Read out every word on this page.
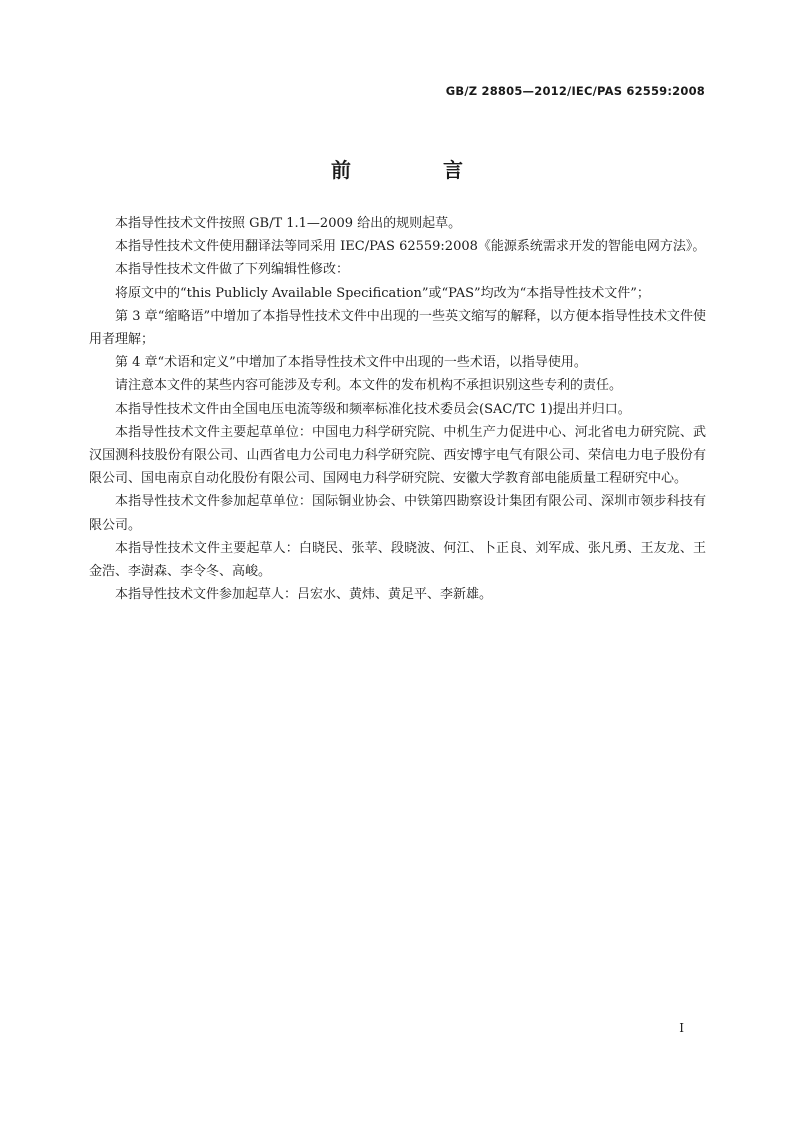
GB/Z 28805—2012/IEC/PAS 62559:2008
前　言

本指导性技术文件按照 GB/T 1.1—2009 给出的规则起草。

本指导性技术文件使用翻译法等同采用 IEC/PAS 62559:2008《能源系统需求开发的智能电网方法》。

本指导性技术文件做了下列编辑性修改：

将原文中的“this Publicly Available Specification”或“PAS”均改为“本指导性技术文件”；

第 3 章“缩略语”中增加了本指导性技术文件中出现的一些英文缩写的解释，以方便本指导性技术文件使用者理解；

第 4 章“术语和定义”中增加了本指导性技术文件中出现的一些术语，以指导使用。

请注意本文件的某些内容可能涉及专利。本文件的发布机构不承担识别这些专利的责任。

本指导性技术文件由全国电压电流等级和频率标准化技术委员会(SAC/TC 1)提出并归口。

本指导性技术文件主要起草单位：中国电力科学研究院、中机生产力促进中心、河北省电力研究院、武汉国测科技股份有限公司、山西省电力公司电力科学研究院、西安博宇电气有限公司、荣信电力电子股份有限公司、国电南京自动化股份有限公司、国网电力科学研究院、安徽大学教育部电能质量工程研究中心。

本指导性技术文件参加起草单位：国际铜业协会、中铁第四勘察设计集团有限公司、深圳市领步科技有限公司。

本指导性技术文件主要起草人：白晓民、张苹、段晓波、何江、卜正良、刘军成、张凡勇、王友龙、王金浩、李澍森、李令冬、高峻。

本指导性技术文件参加起草人：吕宏水、黄炜、黄足平、李新雄。

I
